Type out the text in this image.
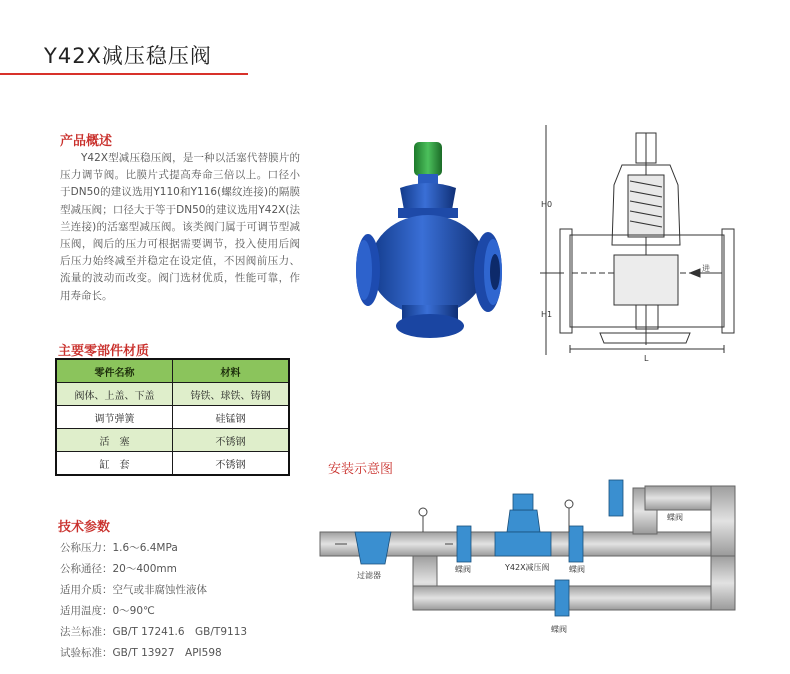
Y42X减压稳压阀
产品概述

Y42X型减压稳压阀，是一种以活塞代替膜片的压力调节阀。比膜片式提高寿命三倍以上。口径小于DN50的建议选用Y110和Y116(螺纹连接)的隔膜型减压阀；口径大于等于DN50的建议选用Y42X(法兰连接)的活塞型减压阀。该类阀门属于可调节型减压阀，阀后的压力可根据需要调节，投入使用后阀后压力始终减至并稳定在设定值，不因阀前压力、流量的波动而改变。阀门选材优质，性能可靠，作用寿命长。

H0
H1
L
进
主要零部件材质
零件名称	材料
阀体、上盖、下盖	铸铁、球铁、铸钢
调节弹簧	硅锰钢
活　塞	不锈钢
缸　套	不锈钢
技术参数
公称压力：1.6～6.4MPa
公称通径：20～400mm
适用介质：空气或非腐蚀性液体
适用温度：0～90℃
法兰标准：GB/T 17241.6　GB/T9113
试验标准：GB/T 13927　API598
安装示意图
过滤器
蝶阀	Y42X减压阀 蝶阀
蝶阀
蝶阀
